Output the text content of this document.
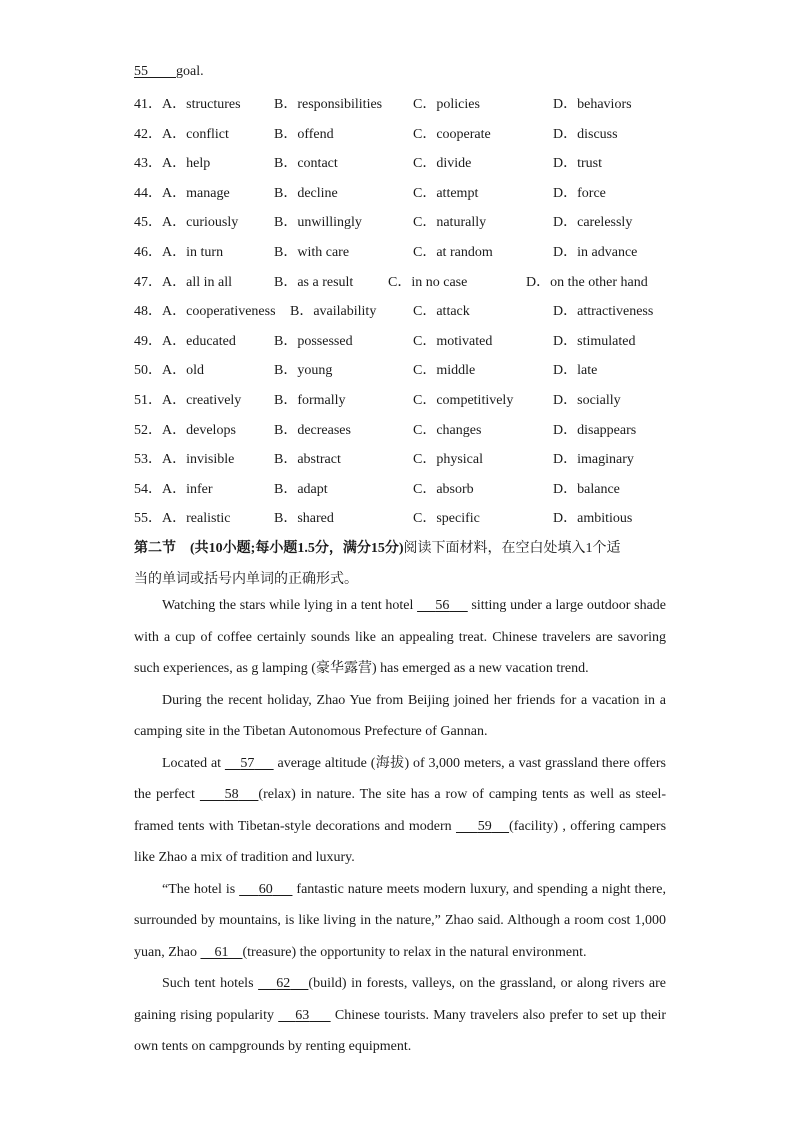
55 goal.
41．A．structures B．responsibilities C．policies	D．behaviors
42．A．conflict	B．offend	C．cooperate	D．discuss
43．A．help	B．contact	C．divide	D．trust
44．A．manage	B．decline	C．attempt	D．force
45．A．curiously	B．unwillingly	C．naturally	D．carelessly
46．A．in turn	B．with care	C．at random	D．in advance
47．A．all in all	B．as a result C．in no case	D．on the other hand
48．A．cooperativeness B．availability	C．attack	D．attractiveness
49．A．educated	B．possessed	C．motivated	D．stimulated
50．A．old	B．young	C．middle	D．late
51．A．creatively B．formally	C．competitively	D．socially
52．A．develops	B．decreases	C．changes	D．disappears
53．A．invisible	B．abstract	C．physical	D．imaginary
54．A．infer	B．adapt	C．absorb	D．balance
55．A．realistic	B．shared	C．specific	D．ambitious
第二节 (共10小题;每小题1.5分，满分15分)阅读下面材料，在空白处填入1个适
当的单词或括号内单词的正确形式。

Watching the stars while lying in a tent hotel 56 sitting under a large outdoor shade with a cup of coffee certainly sounds like an appealing treat. Chinese travelers are savoring such experiences, as g lamping (豪华露营) has emerged as a new vacation trend.

During the recent holiday, Zhao Yue from Beijing joined her friends for a vacation in a camping site in the Tibetan Autonomous Prefecture of Gannan.

Located at 57 average altitude (海拔) of 3,000 meters, a vast grassland there offers the perfect 58 (relax) in nature. The site has a row of camping tents as well as steel-framed tents with Tibetan-style decorations and modern 59 (facility) , offering campers like Zhao a mix of tradition and luxury.

“The hotel is 60 fantastic nature meets modern luxury, and spending a night there, surrounded by mountains, is like living in the nature,” Zhao said. Although a room cost 1,000 yuan, Zhao 61 (treasure) the opportunity to relax in the natural environment.

Such tent hotels 62 (build) in forests, valleys, on the grassland, or along rivers are gaining rising popularity 63 Chinese tourists. Many travelers also prefer to set up their own tents on campgrounds by renting equipment.
